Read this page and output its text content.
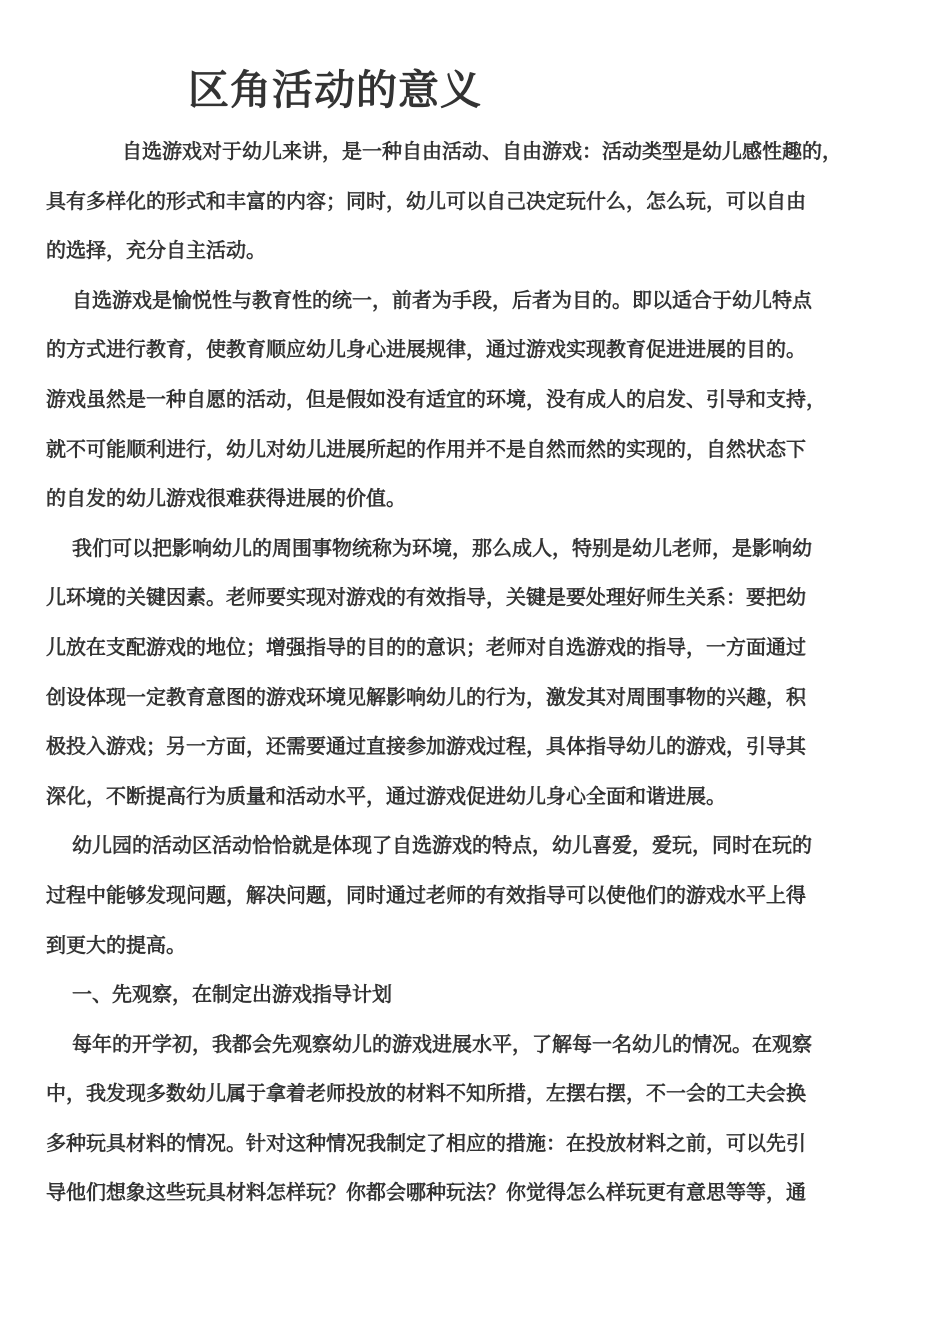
区角活动的意义

自选游戏对于幼儿来讲，是一种自由活动、自由游戏：活动类型是幼儿感性趣的，
具有多样化的形式和丰富的内容；同时，幼儿可以自己决定玩什么，怎么玩，可以自由
的选择，充分自主活动。

自选游戏是愉悦性与教育性的统一，前者为手段，后者为目的。即以适合于幼儿特点
的方式进行教育，使教育顺应幼儿身心进展规律，通过游戏实现教育促进进展的目的。
游戏虽然是一种自愿的活动，但是假如没有适宜的环境，没有成人的启发、引导和支持，
就不可能顺利进行，幼儿对幼儿进展所起的作用并不是自然而然的实现的，自然状态下
的自发的幼儿游戏很难获得进展的价值。

我们可以把影响幼儿的周围事物统称为环境，那么成人，特别是幼儿老师，是影响幼
儿环境的关键因素。老师要实现对游戏的有效指导，关键是要处理好师生关系：要把幼
儿放在支配游戏的地位；增强指导的目的的意识；老师对自选游戏的指导，一方面通过
创设体现一定教育意图的游戏环境见解影响幼儿的行为，激发其对周围事物的兴趣，积
极投入游戏；另一方面，还需要通过直接参加游戏过程，具体指导幼儿的游戏，引导其
深化，不断提高行为质量和活动水平，通过游戏促进幼儿身心全面和谐进展。

幼儿园的活动区活动恰恰就是体现了自选游戏的特点，幼儿喜爱，爱玩，同时在玩的
过程中能够发现问题，解决问题，同时通过老师的有效指导可以使他们的游戏水平上得
到更大的提高。

一、先观察，在制定出游戏指导计划

每年的开学初，我都会先观察幼儿的游戏进展水平，了解每一名幼儿的情况。在观察
中，我发现多数幼儿属于拿着老师投放的材料不知所措，左摆右摆，不一会的工夫会换
多种玩具材料的情况。针对这种情况我制定了相应的措施：在投放材料之前，可以先引
导他们想象这些玩具材料怎样玩？你都会哪种玩法？你觉得怎么样玩更有意思等等，通
